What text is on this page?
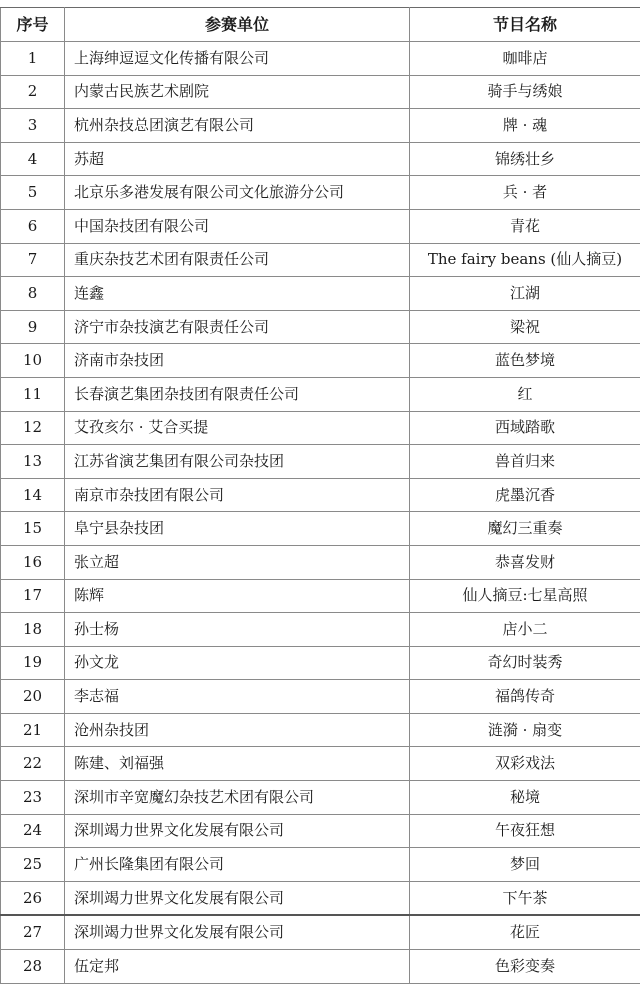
序号	参赛单位	节目名称
1	上海绅逗逗文化传播有限公司	咖啡店
2	内蒙古民族艺术剧院	骑手与绣娘
3	杭州杂技总团演艺有限公司	牌 · 魂
4	苏超	锦绣壮乡
5	北京乐多港发展有限公司文化旅游分公司	兵 · 者
6	中国杂技团有限公司	青花
7	重庆杂技艺术团有限责任公司	The fairy beans (仙人摘豆)
8	连鑫	江湖
9	济宁市杂技演艺有限责任公司	梁祝
10	济南市杂技团	蓝色梦境
11	长春演艺集团杂技团有限责任公司	红
12	艾孜亥尔 · 艾合买提	西域踏歌
13	江苏省演艺集团有限公司杂技团	兽首归来
14	南京市杂技团有限公司	虎墨沉香
15	阜宁县杂技团	魔幻三重奏
16	张立超	恭喜发财
17	陈辉	仙人摘豆:七星高照
18	孙士杨	店小二
19	孙文龙	奇幻时装秀
20	李志福	福鸽传奇
21	沧州杂技团	涟漪 · 扇变
22	陈建、刘福强	双彩戏法
23	深圳市辛宽魔幻杂技艺术团有限公司	秘境
24	深圳竭力世界文化发展有限公司	午夜狂想
25	广州长隆集团有限公司	梦回
26	深圳竭力世界文化发展有限公司	下午茶
27	深圳竭力世界文化发展有限公司	花匠
28	伍定邦	色彩变奏
